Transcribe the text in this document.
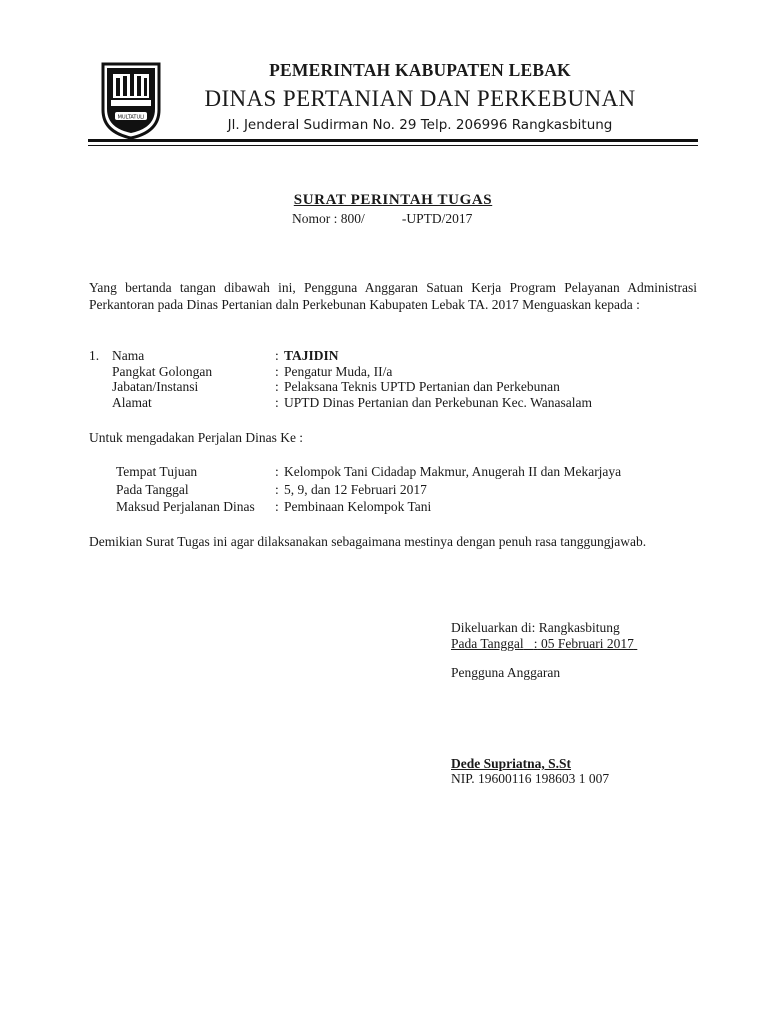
MULTATULI
PEMERINTAH KABUPATEN LEBAK
DINAS PERTANIAN DAN PERKEBUNAN
Jl. Jenderal Sudirman No. 29 Telp. 206996 Rangkasbitung
SURAT PERINTAH TUGAS
Nomor : 800/           -UPTD/2017
Yang bertanda tangan dibawah ini, Pengguna Anggaran Satuan Kerja Program Pelayanan Administrasi Perkantoran pada Dinas Pertanian daln Perkebunan Kabupaten Lebak TA. 2017 Menguaskan kepada :
1. Nama	: TAJIDIN
Pangkat Golongan	: Pengatur Muda, II/a
Jabatan/Instansi	: Pelaksana Teknis UPTD Pertanian dan Perkebunan
Alamat	: UPTD Dinas Pertanian dan Perkebunan Kec. Wanasalam
Untuk mengadakan Perjalan Dinas Ke :
Tempat Tujuan	: Kelompok Tani Cidadap Makmur, Anugerah II dan Mekarjaya
Pada Tanggal	: 5, 9, dan 12 Februari 2017
Maksud Perjalanan Dinas : Pembinaan Kelompok Tani
Demikian Surat Tugas ini agar dilaksanakan sebagaimana mestinya dengan penuh rasa tanggungjawab.
Dikeluarkan di: Rangkasbitung
Pada Tanggal : 05 Februari 2017
Pengguna Anggaran
Dede Supriatna, S.St
NIP. 19600116 198603 1 007
